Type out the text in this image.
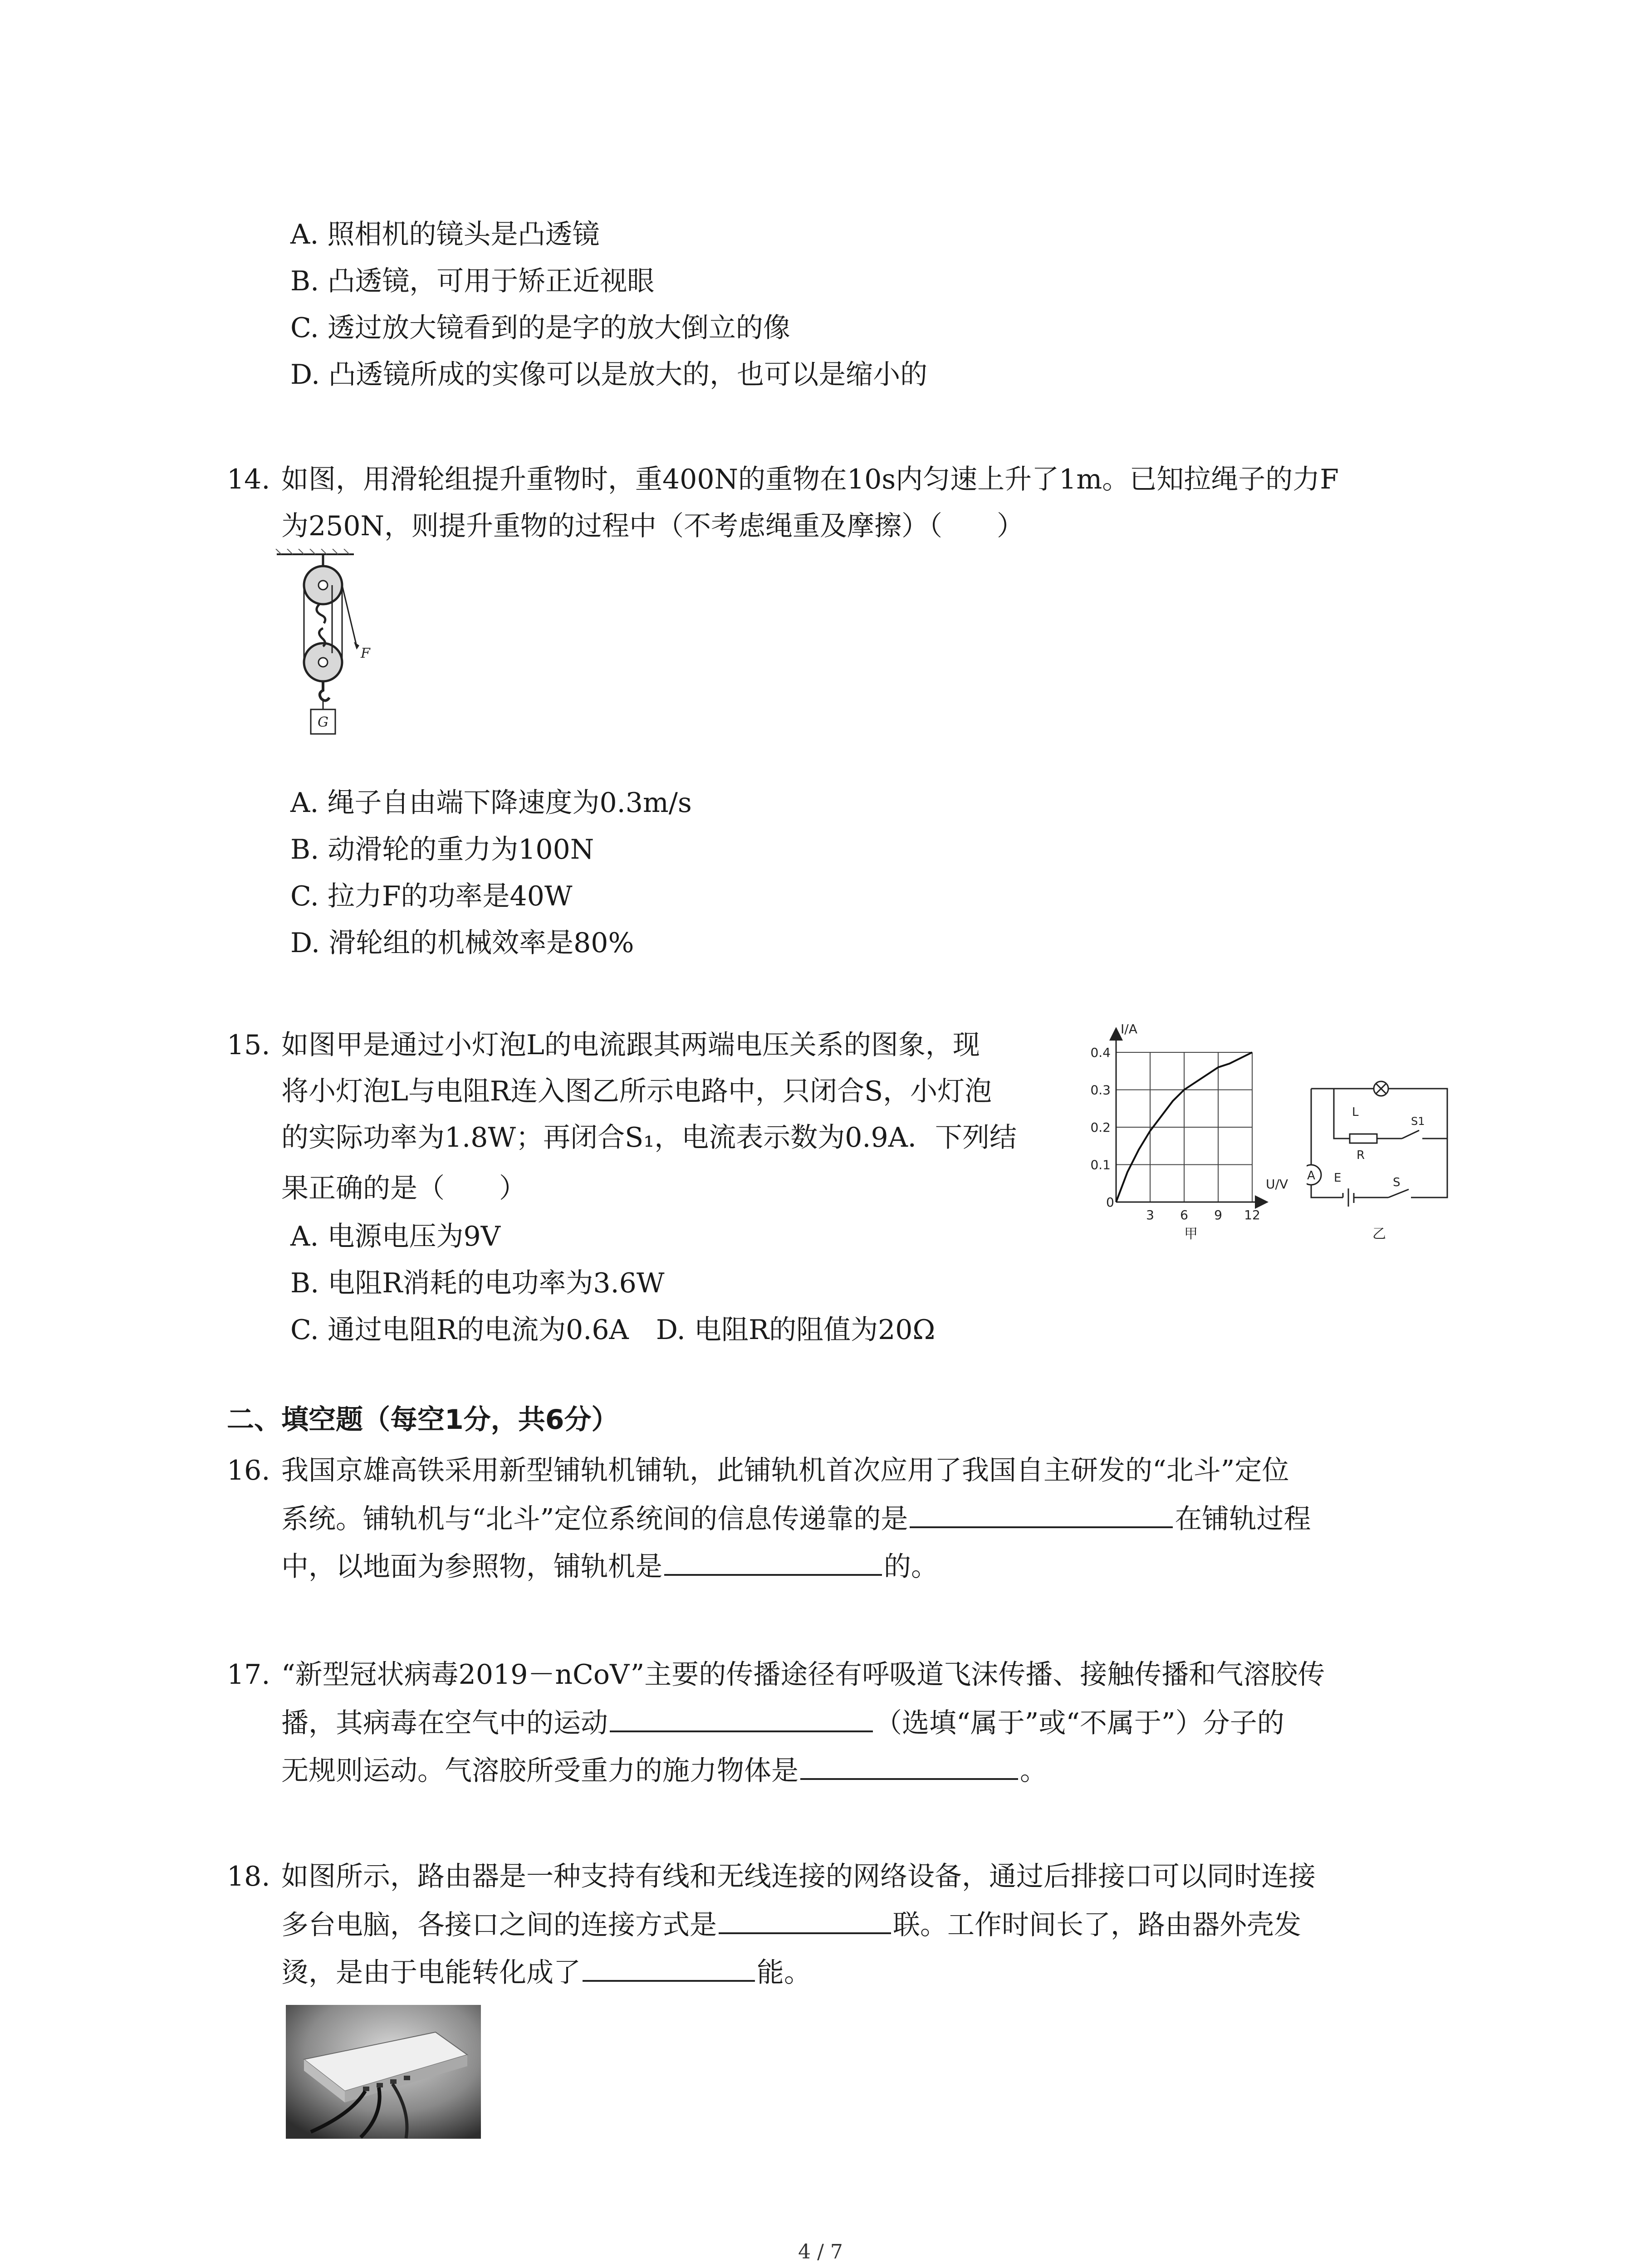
A. 照相机的镜头是凸透镜
B. 凸透镜，可用于矫正近视眼
C. 透过放大镜看到的是字的放大倒立的像
D. 凸透镜所成的实像可以是放大的，也可以是缩小的
14. 如图，用滑轮组提升重物时，重400N的重物在10s内匀速上升了1m。已知拉绳子的力F
为250N，则提升重物的过程中（不考虑绳重及摩擦）（　　）
F
G
A. 绳子自由端下降速度为0.3m/s
B. 动滑轮的重力为100N
C. 拉力F的功率是40W
D. 滑轮组的机械效率是80%
15. 如图甲是通过小灯泡L的电流跟其两端电压关系的图象，现
将小灯泡L与电阻R连入图乙所示电路中，只闭合S，小灯泡
的实际功率为1.8W；再闭合S₁，电流表示数为0.9A．下列结
果正确的是（　　）
0.1
0.2
0.3
0.4
3 6 9 12
I/A
U/V
0
甲
A
L
R
S1
E	S
乙
A. 电源电压为9V
B. 电阻R消耗的电功率为3.6W
C. 通过电阻R的电流为0.6A　D. 电阻R的阻值为20Ω
二、填空题（每空1分，共6分）
16. 我国京雄高铁采用新型铺轨机铺轨，此铺轨机首次应用了我国自主研发的“北斗”定位
系统。铺轨机与“北斗”定位系统间的信息传递靠的是	在铺轨过程
中，以地面为参照物，铺轨机是	的。
17. “新型冠状病毒2019－nCoV”主要的传播途径有呼吸道飞沫传播、接触传播和气溶胶传
播，其病毒在空气中的运动	（选填“属于”或“不属于”）分子的
无规则运动。气溶胶所受重力的施力物体是	。
18. 如图所示，路由器是一种支持有线和无线连接的网络设备，通过后排接口可以同时连接
多台电脑，各接口之间的连接方式是	联。工作时间长了，路由器外壳发
烫，是由于电能转化成了	能。
4 / 7
